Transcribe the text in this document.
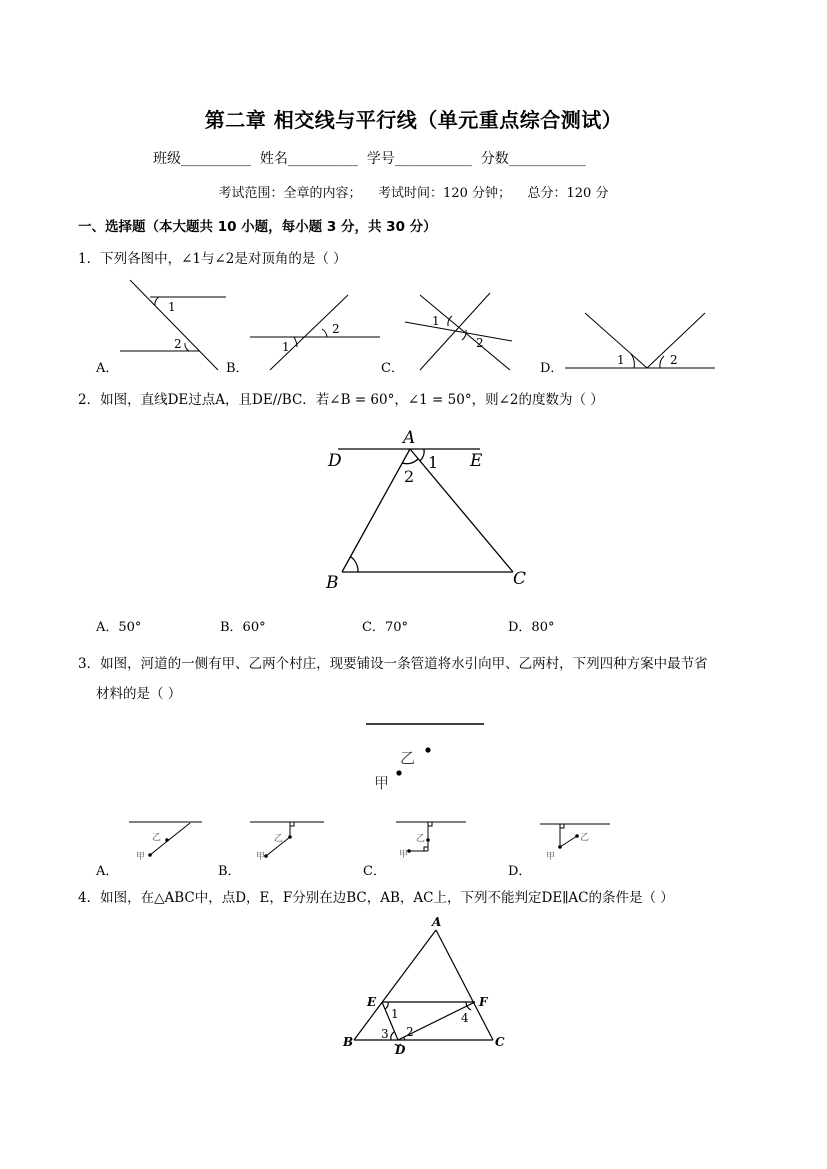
第二章 相交线与平行线（单元重点综合测试）
班级__________ 姓名__________ 学号___________ 分数___________
考试范围：全章的内容；    考试时间：120 分钟；    总分：120 分
一、选择题（本大题共 10 小题，每小题 3 分，共 30 分）
1．下列各图中，∠1与∠2是对顶角的是（ ）
1
2	1
2
1
2
1	2
A．	B．	C．	D．
2．如图，直线DE过点A，且DE//BC．若∠B = 60°，∠1 = 50°，则∠2的度数为（ ）
A
D	E
B	C
1
2
A．50°	B．60°	C．70°	D．80°
3．如图，河道的一侧有甲、乙两个村庄，现要铺设一条管道将水引向甲、乙两村，下列四种方案中最节省
材料的是（ ）
乙
甲
乙
甲
乙
甲
乙
甲
乙
甲
A．	B．	C．	D．
4．如图，在△ABC中，点D，E，F分别在边BC，AB，AC上，下列不能判定DE∥AC的条件是（ ）
A
E	F
B	C
D
1	4
3 2
